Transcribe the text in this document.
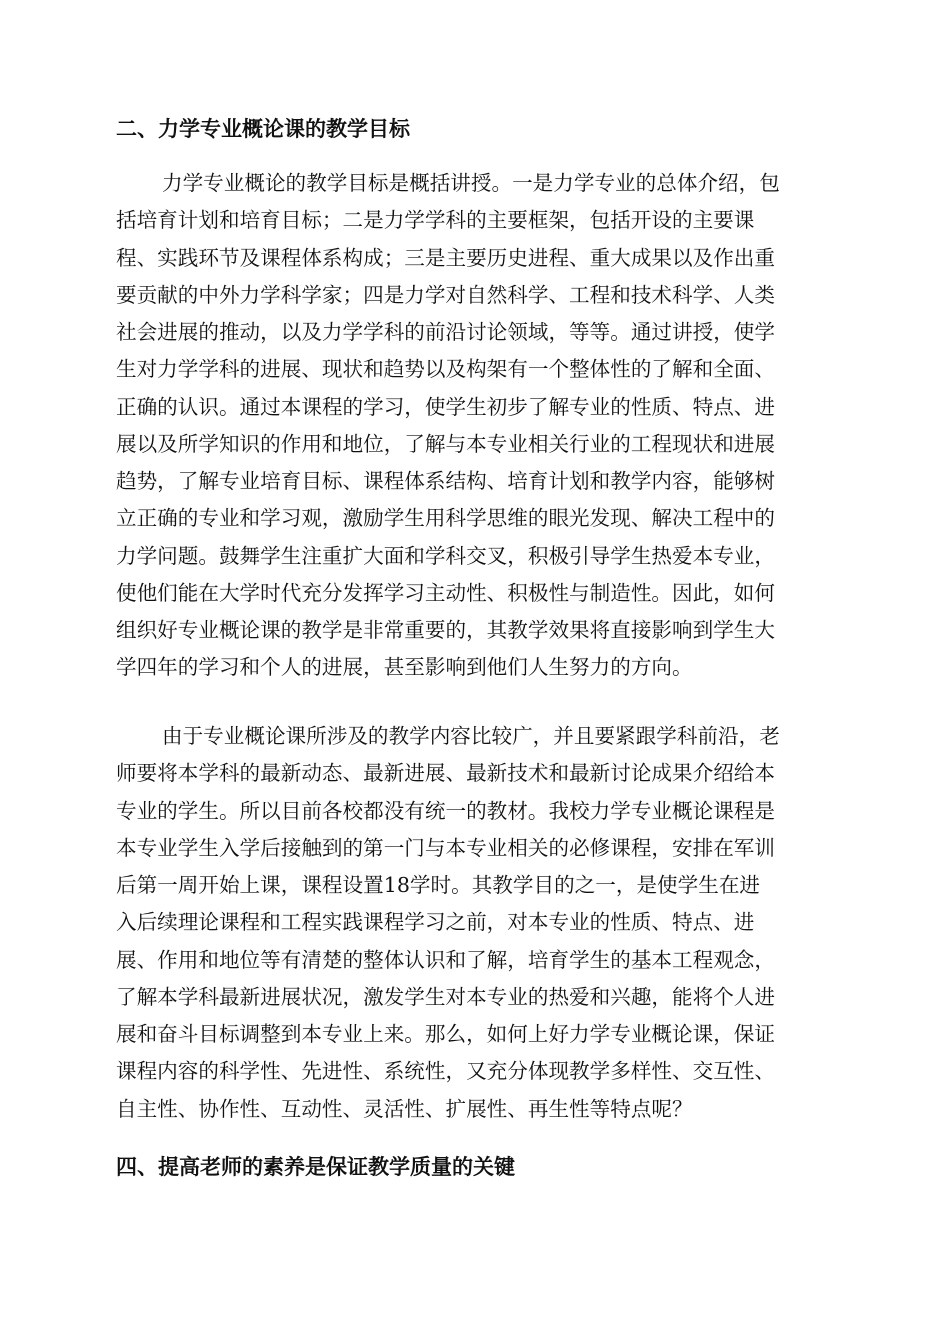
二、力学专业概论课的教学目标
力学专业概论的教学目标是概括讲授。一是力学专业的总体介绍，包
括培育计划和培育目标；二是力学学科的主要框架，包括开设的主要课
程、实践环节及课程体系构成；三是主要历史进程、重大成果以及作出重
要贡献的中外力学科学家；四是力学对自然科学、工程和技术科学、人类
社会进展的推动，以及力学学科的前沿讨论领域，等等。通过讲授，使学
生对力学学科的进展、现状和趋势以及构架有一个整体性的了解和全面、
正确的认识。通过本课程的学习，使学生初步了解专业的性质、特点、进
展以及所学知识的作用和地位，了解与本专业相关行业的工程现状和进展
趋势，了解专业培育目标、课程体系结构、培育计划和教学内容，能够树
立正确的专业和学习观，激励学生用科学思维的眼光发现、解决工程中的
力学问题。鼓舞学生注重扩大面和学科交叉，积极引导学生热爱本专业，
使他们能在大学时代充分发挥学习主动性、积极性与制造性。因此，如何
组织好专业概论课的教学是非常重要的，其教学效果将直接影响到学生大
学四年的学习和个人的进展，甚至影响到他们人生努力的方向。
由于专业概论课所涉及的教学内容比较广，并且要紧跟学科前沿，老
师要将本学科的最新动态、最新进展、最新技术和最新讨论成果介绍给本
专业的学生。所以目前各校都没有统一的教材。我校力学专业概论课程是
本专业学生入学后接触到的第一门与本专业相关的必修课程，安排在军训
后第一周开始上课，课程设置18学时。其教学目的之一，是使学生在进
入后续理论课程和工程实践课程学习之前，对本专业的性质、特点、进
展、作用和地位等有清楚的整体认识和了解，培育学生的基本工程观念，
了解本学科最新进展状况，激发学生对本专业的热爱和兴趣，能将个人进
展和奋斗目标调整到本专业上来。那么，如何上好力学专业概论课，保证
课程内容的科学性、先进性、系统性，又充分体现教学多样性、交互性、
自主性、协作性、互动性、灵活性、扩展性、再生性等特点呢？
四、提高老师的素养是保证教学质量的关键
